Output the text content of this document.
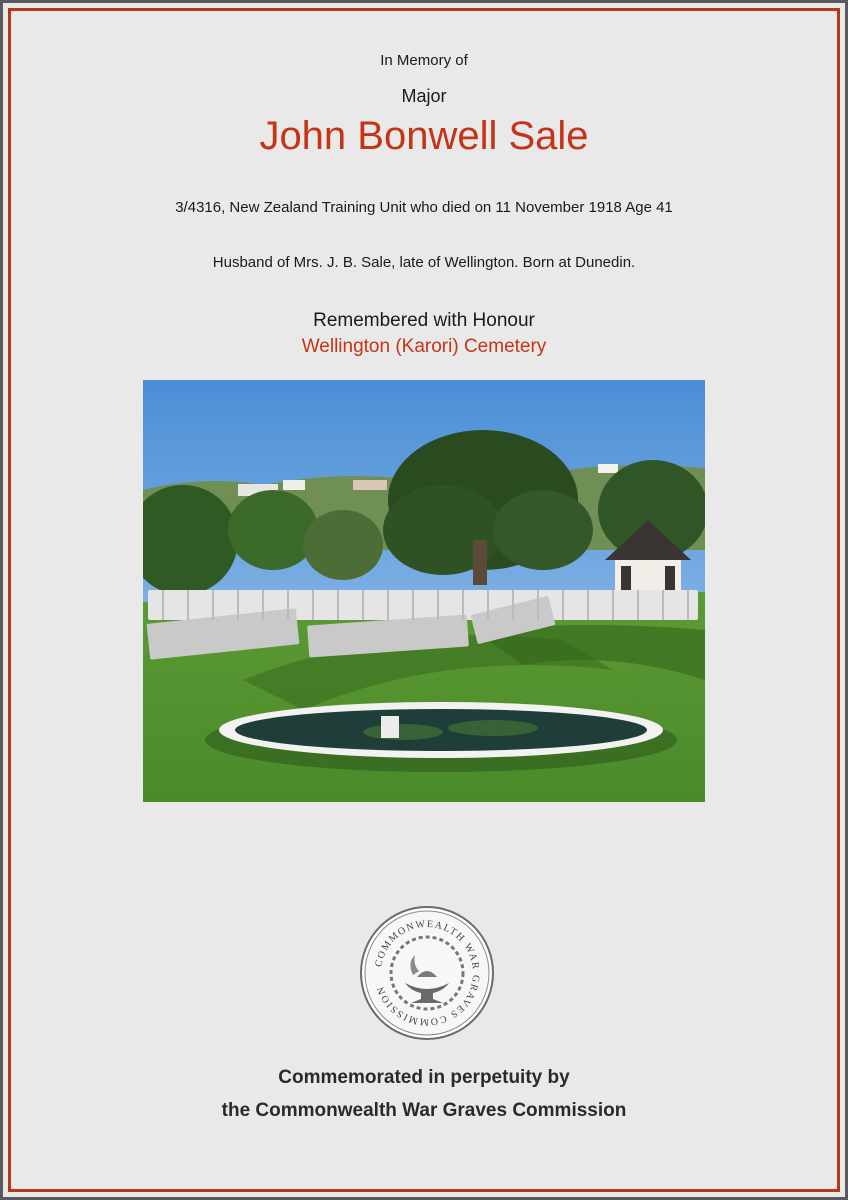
In Memory of
Major
John Bonwell Sale
3/4316, New Zealand Training Unit who died on 11 November 1918 Age 41
Husband of Mrs. J. B. Sale, late of Wellington. Born at Dunedin.
Remembered with Honour
Wellington (Karori) Cemetery
COMMONWEALTH WAR GRAVES COMMISSION
Commemorated in perpetuity by
the Commonwealth War Graves Commission
